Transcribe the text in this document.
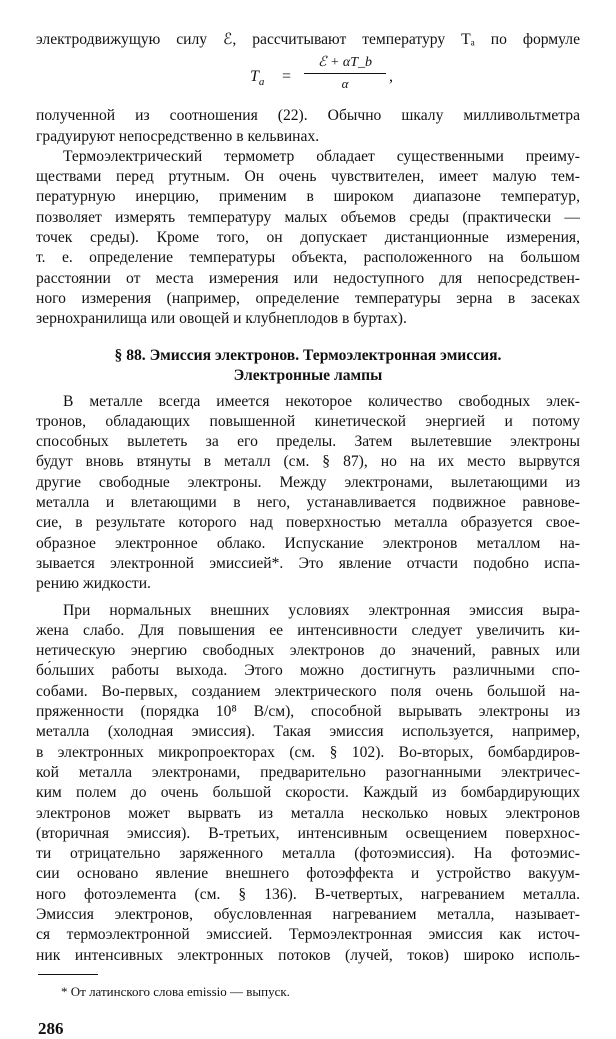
электродвижущую силу ℰ, рассчитывают температуру Tₐ по формуле
$T_a$ =
ℰ + αT_b
α	,
полученной из соотношения (22). Обычно шкалу милливольтметра
градуируют непосредственно в кельвинах.
Термоэлектрический термометр обладает существенными преиму-
ществами перед ртутным. Он очень чувствителен, имеет малую тем-
пературную инерцию, применим в широком диапазоне температур,
позволяет измерять температуру малых объемов среды (практически —
точек среды). Кроме того, он допускает дистанционные измерения,
т. е. определение температуры объекта, расположенного на большом
расстоянии от места измерения или недоступного для непосредствен-
ного измерения (например, определение температуры зерна в засеках
зернохранилища или овощей и клубнеплодов в буртах).
§ 88. Эмиссия электронов. Термоэлектронная эмиссия.
Электронные лампы
В металле всегда имеется некоторое количество свободных элек-
тронов, обладающих повышенной кинетической энергией и потому
способных вылететь за его пределы. Затем вылетевшие электроны
будут вновь втянуты в металл (см. § 87), но на их место вырвутся
другие свободные электроны. Между электронами, вылетающими из
металла и влетающими в него, устанавливается подвижное равнове-
сие, в результате которого над поверхностью металла образуется свое-
образное электронное облако. Испускание электронов металлом на-
зывается электронной эмиссией*. Это явление отчасти подобно испа-
рению жидкости.
При нормальных внешних условиях электронная эмиссия выра-
жена слабо. Для повышения ее интенсивности следует увеличить ки-
нетическую энергию свободных электронов до значений, равных или
бо́льших работы выхода. Этого можно достигнуть различными спо-
собами. Во-первых, созданием электрического поля очень большой на-
пряженности (порядка 10⁸ В/см), способной вырывать электроны из
металла (холодная эмиссия). Такая эмиссия используется, например,
в электронных микропроекторах (см. § 102). Во-вторых, бомбардиров-
кой металла электронами, предварительно разогнанными электричес-
ким полем до очень большой скорости. Каждый из бомбардирующих
электронов может вырвать из металла несколько новых электронов
(вторичная эмиссия). В-третьих, интенсивным освещением поверхнос-
ти отрицательно заряженного металла (фотоэмиссия). На фотоэмис-
сии основано явление внешнего фотоэффекта и устройство вакуум-
ного фотоэлемента (см. § 136). В-четвертых, нагреванием металла.
Эмиссия электронов, обусловленная нагреванием металла, называет-
ся термоэлектронной эмиссией. Термоэлектронная эмиссия как источ-
ник интенсивных электронных потоков (лучей, токов) широко исполь-
* От латинского слова emissio — выпуск.
286
